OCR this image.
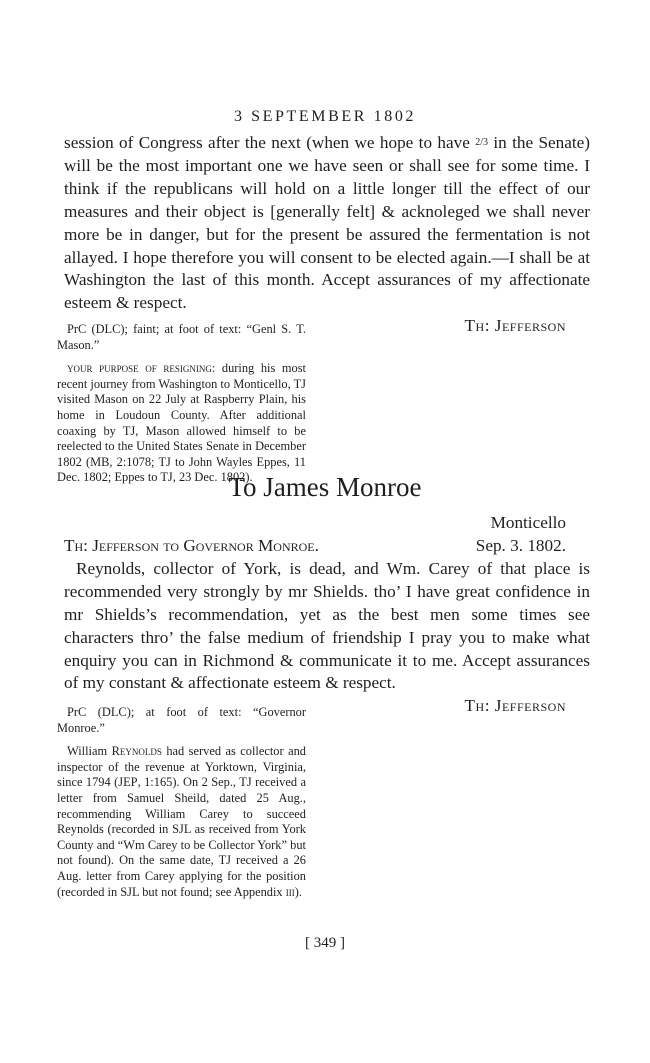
3 SEPTEMBER 1802

session of Congress after the next (when we hope to have 2/3 in the Senate) will be the most important one we have seen or shall see for some time. I think if the republicans will hold on a little longer till the effect of our measures and their object is [generally felt] & acknoleged we shall never more be in danger, but for the present be assured the fermentation is not allayed. I hope therefore you will consent to be elected again.—I shall be at Washington the last of this month. Accept assurances of my affectionate esteem & respect.

Th: Jefferson

PrC (DLC); faint; at foot of text: “Genl S. T. Mason.”

your purpose of resigning: during his most recent journey from Washington to Monticello, TJ visited Mason on 22 July at Raspberry Plain, his home in Loudoun County. After additional coaxing by TJ, Mason allowed himself to be reelected to the United States Senate in December 1802 (MB, 2:1078; TJ to John Wayles Eppes, 11 Dec. 1802; Eppes to TJ, 23 Dec. 1802).

To James Monroe
Monticello
Th: Jefferson to Governor Monroe.	Sep. 3. 1802.

Reynolds, collector of York, is dead, and Wm. Carey of that place is recommended very strongly by mr Shields. tho’ I have great confidence in mr Shields’s recommendation, yet as the best men some times see characters thro’ the false medium of friendship I pray you to make what enquiry you can in Richmond & communicate it to me. Accept assurances of my constant & affectionate esteem & respect.

Th: Jefferson

PrC (DLC); at foot of text: “Governor Monroe.”

William Reynolds had served as collector and inspector of the revenue at Yorktown, Virginia, since 1794 (JEP, 1:165). On 2 Sep., TJ received a letter from Samuel Sheild, dated 25 Aug., recommending William Carey to succeed Reynolds (recorded in SJL as received from York County and “Wm Carey to be Collector York” but not found). On the same date, TJ received a 26 Aug. letter from Carey applying for the position (recorded in SJL but not found; see Appendix iii).

[ 349 ]
